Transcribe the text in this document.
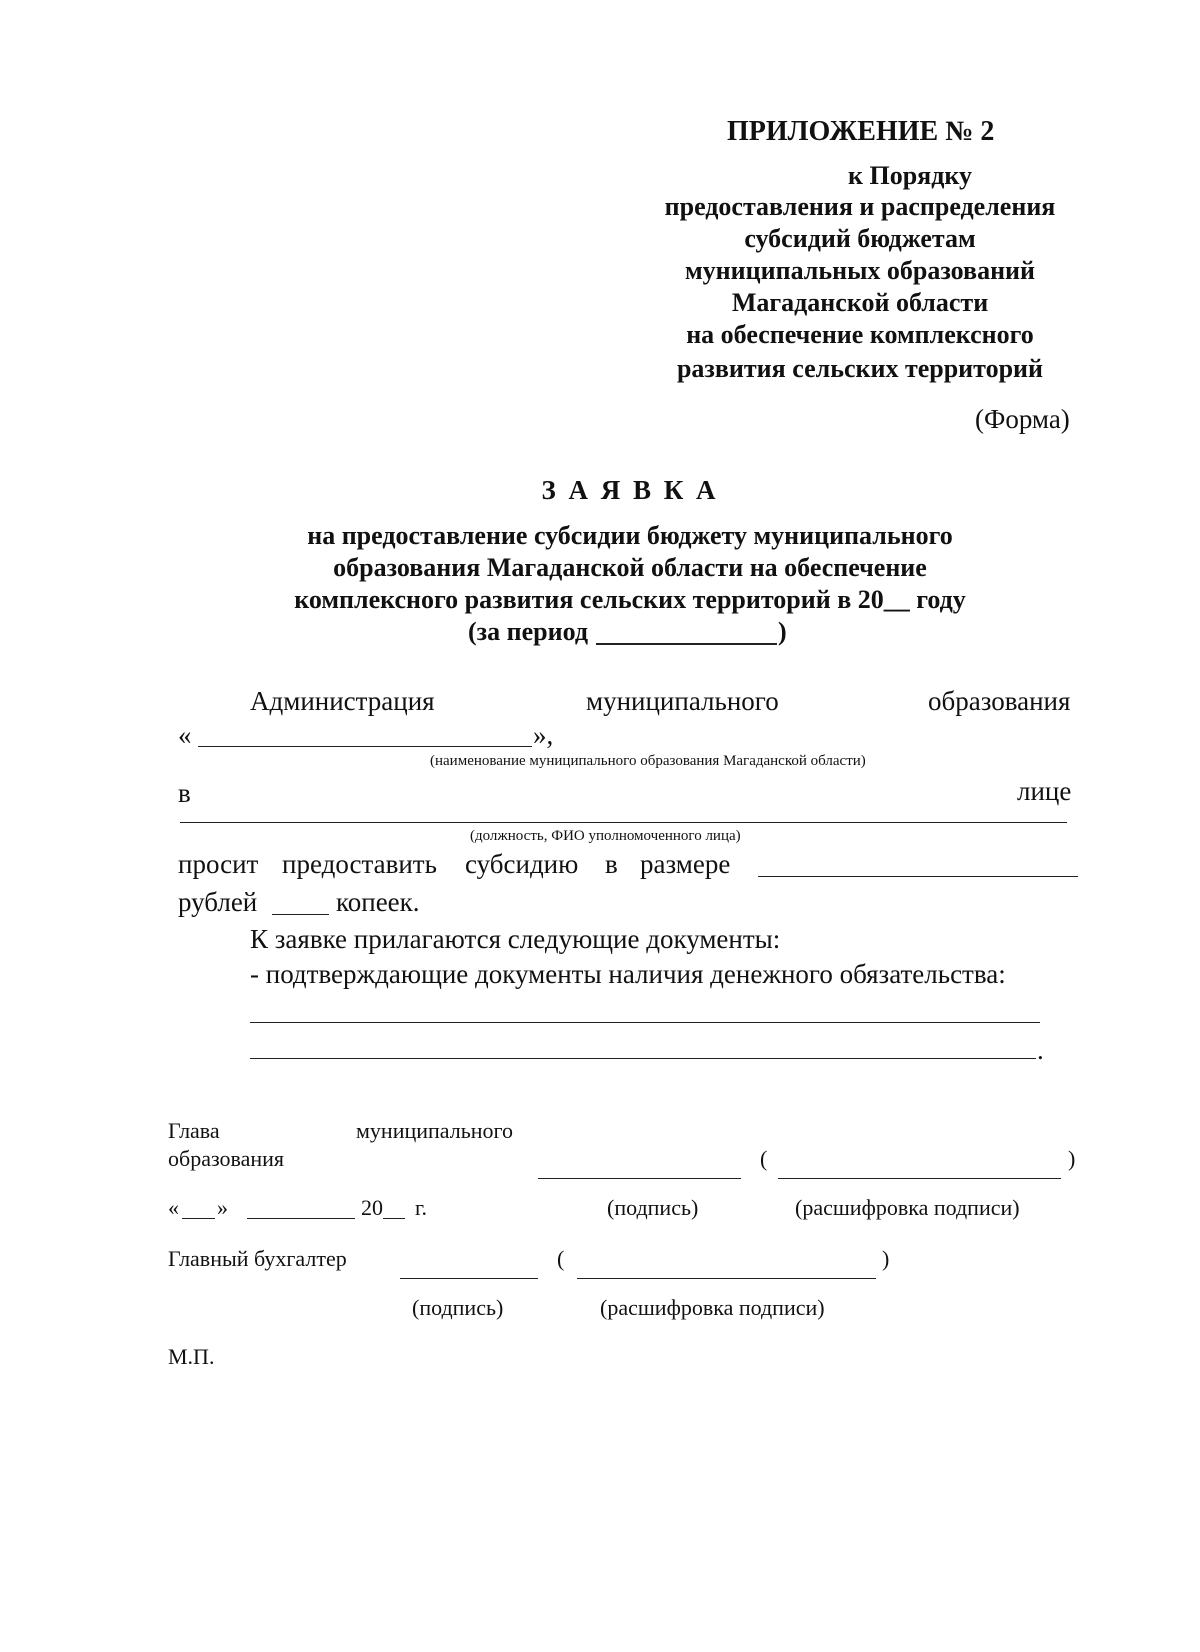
ПРИЛОЖЕНИЕ № 2
к Порядку
предоставления и распределения
субсидий бюджетам
муниципальных образований
Магаданской области
на обеспечение комплексного
развития сельских территорий
(Форма)
З А Я В К А
на предоставление субсидии бюджету муниципального
образования Магаданской области на обеспечение
комплексного развития сельских территорий в 20__ году
(за период	)
Администрация	муниципального	образования
«	»,
(наименование муниципального образования Магаданской области)
в	лице
(должность, ФИО уполномоченного лица)
просит предоставить субсидию в размере
рублей	копеек.
К заявке прилагаются следующие документы:
- подтверждающие документы наличия денежного обязательства:
.
Глава	муниципального
образования	(	)
« »	20 г.	(подпись)	(расшифровка подписи)
Главный бухгалтер	(	)
(подпись)	(расшифровка подписи)
М.П.
